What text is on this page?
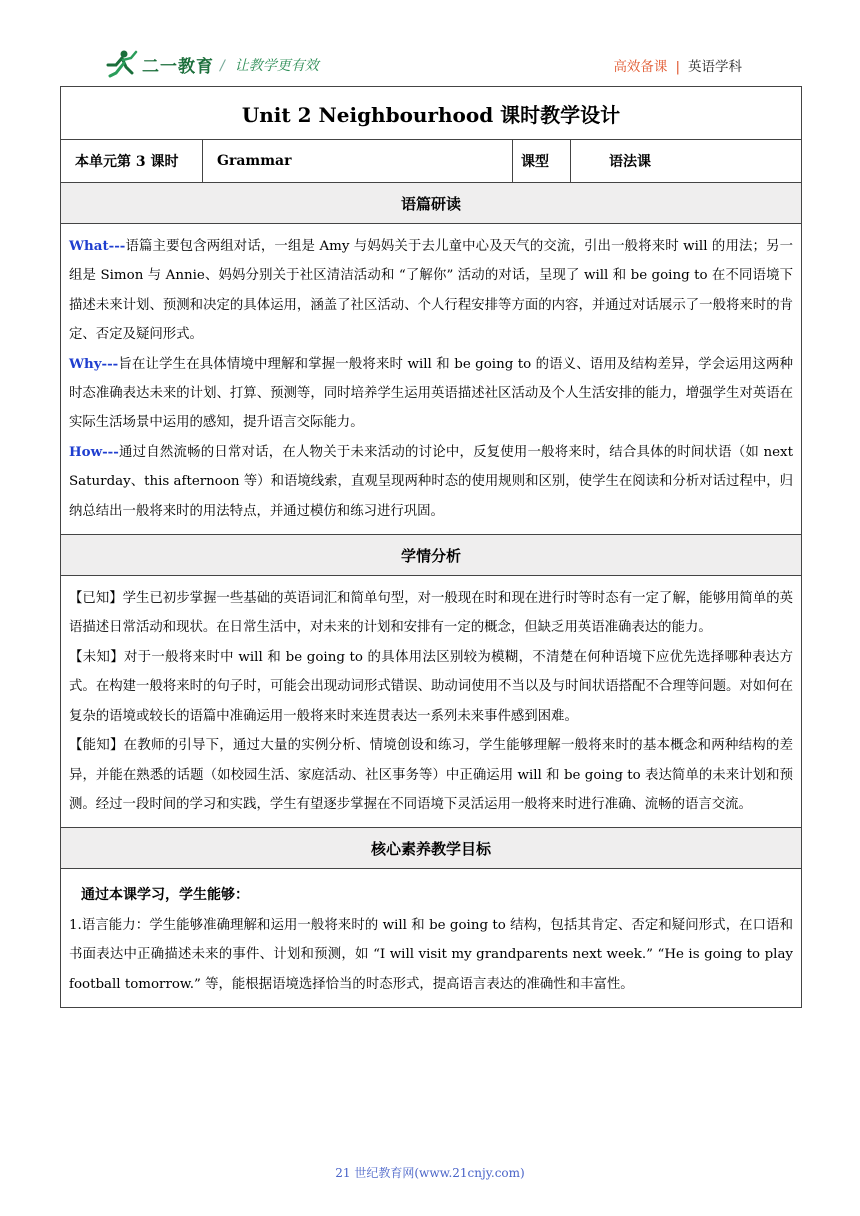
二一教育 / 让教学更有效	高效备课 | 英语学科
Unit 2 Neighbourhood 课时教学设计
本单元第 3 课时	Grammar	课型	语法课
语篇研读

What---语篇主要包含两组对话，一组是 Amy 与妈妈关于去儿童中心及天气的交流，引出一般将来时 will 的用法；另一组是 Simon 与 Annie、妈妈分别关于社区清洁活动和 “了解你” 活动的对话，呈现了 will 和 be going to 在不同语境下描述未来计划、预测和决定的具体运用，涵盖了社区活动、个人行程安排等方面的内容，并通过对话展示了一般将来时的肯定、否定及疑问形式。

Why---旨在让学生在具体情境中理解和掌握一般将来时 will 和 be going to 的语义、语用及结构差异，学会运用这两种时态准确表达未来的计划、打算、预测等，同时培养学生运用英语描述社区活动及个人生活安排的能力，增强学生对英语在实际生活场景中运用的感知，提升语言交际能力。

How---通过自然流畅的日常对话，在人物关于未来活动的讨论中，反复使用一般将来时，结合具体的时间状语（如 next Saturday、this afternoon 等）和语境线索，直观呈现两种时态的使用规则和区别，使学生在阅读和分析对话过程中，归纳总结出一般将来时的用法特点，并通过模仿和练习进行巩固。

学情分析

【已知】学生已初步掌握一些基础的英语词汇和简单句型，对一般现在时和现在进行时等时态有一定了解，能够用简单的英语描述日常活动和现状。在日常生活中，对未来的计划和安排有一定的概念，但缺乏用英语准确表达的能力。

【未知】对于一般将来时中 will 和 be going to 的具体用法区别较为模糊，不清楚在何种语境下应优先选择哪种表达方式。在构建一般将来时的句子时，可能会出现动词形式错误、助动词使用不当以及与时间状语搭配不合理等问题。对如何在复杂的语境或较长的语篇中准确运用一般将来时来连贯表达一系列未来事件感到困难。

【能知】在教师的引导下，通过大量的实例分析、情境创设和练习，学生能够理解一般将来时的基本概念和两种结构的差异，并能在熟悉的话题（如校园生活、家庭活动、社区事务等）中正确运用 will 和 be going to 表达简单的未来计划和预测。经过一段时间的学习和实践，学生有望逐步掌握在不同语境下灵活运用一般将来时进行准确、流畅的语言交流。

核心素养教学目标

通过本课学习，学生能够：

1.语言能力：学生能够准确理解和运用一般将来时的 will 和 be going to 结构，包括其肯定、否定和疑问形式，在口语和书面表达中正确描述未来的事件、计划和预测，如 “I will visit my grandparents next week.” “He is going to play football tomorrow.” 等，能根据语境选择恰当的时态形式，提高语言表达的准确性和丰富性。

21 世纪教育网(www.21cnjy.com)
